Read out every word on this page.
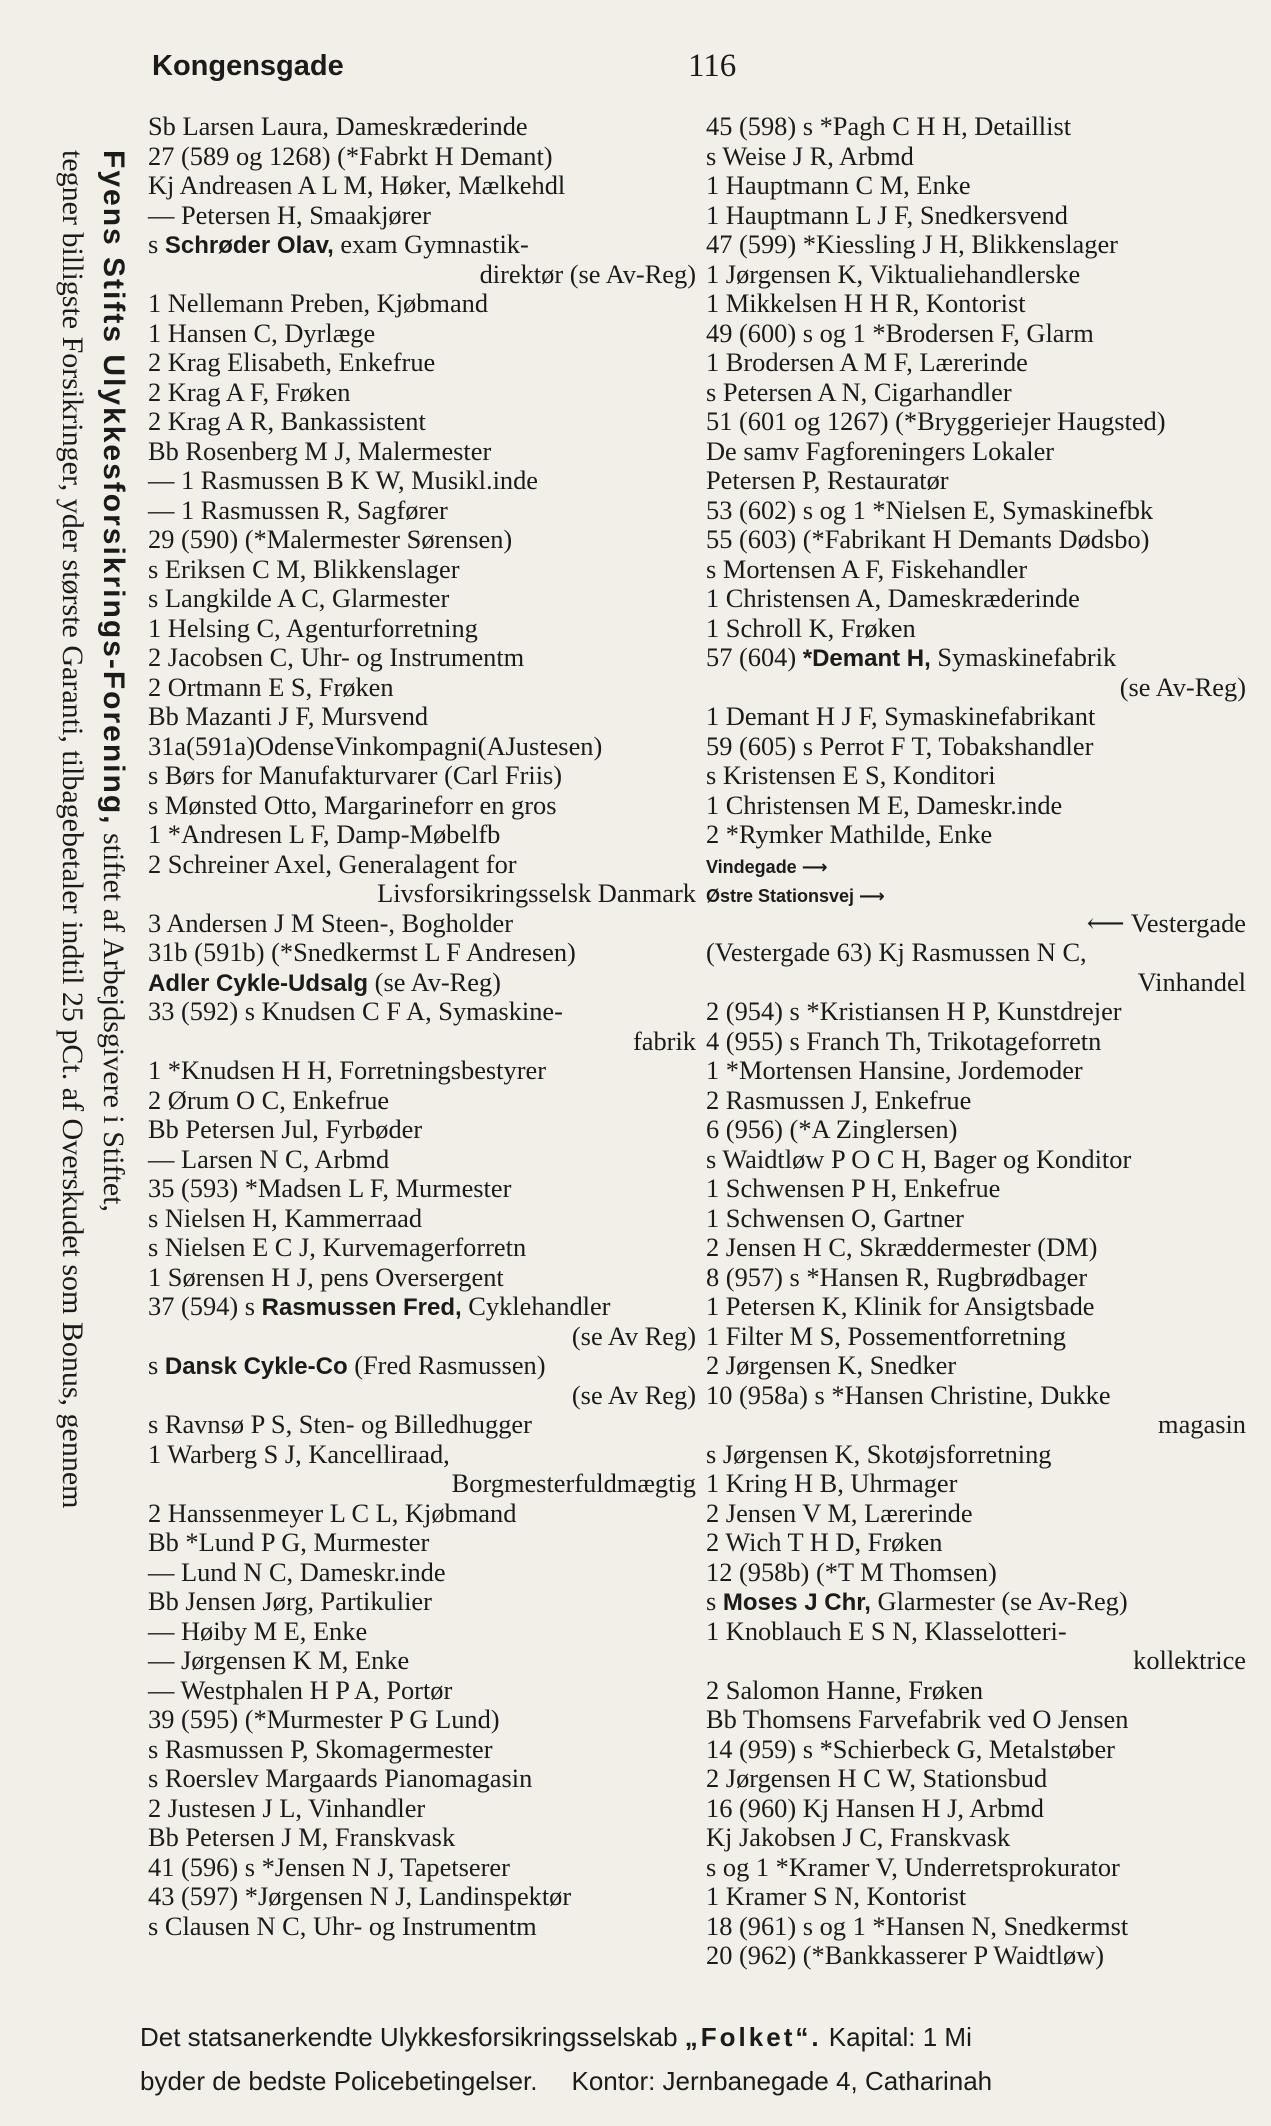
Kongensgade	116
Fyens Stifts Ulykkesforsikrings-Forening, stiftet af Arbejdsgivere i Stiftet,
tegner billigste Forsikringer, yder største Garanti, tilbagebetaler indtil 25 pCt. af Overskudet som Bonus, gennem
Sb Larsen Laura, Dameskræderinde
27 (589 og 1268) (*Fabrkt H Demant)
Kj Andreasen A L M, Høker, Mælkehdl
— Petersen H, Smaakjører
s Schrøder Olav, exam Gymnastik-
direktør (se Av-Reg)
1 Nellemann Preben, Kjøbmand
1 Hansen C, Dyrlæge
2 Krag Elisabeth, Enkefrue
2 Krag A F, Frøken
2 Krag A R, Bankassistent
Bb Rosenberg M J, Malermester
— 1 Rasmussen B K W, Musikl.inde
— 1 Rasmussen R, Sagfører
29 (590) (*Malermester Sørensen)
s Eriksen C M, Blikkenslager
s Langkilde A C, Glarmester
1 Helsing C, Agenturforretning
2 Jacobsen C, Uhr- og Instrumentm
2 Ortmann E S, Frøken
Bb Mazanti J F, Mursvend
31a(591a)OdenseVinkompagni(AJustesen)
s Børs for Manufakturvarer (Carl Friis)
s Mønsted Otto, Margarineforr en gros
1 *Andresen L F, Damp-Møbelfb
2 Schreiner Axel, Generalagent for
Livsforsikringsselsk Danmark
3 Andersen J M Steen-, Bogholder
31b (591b) (*Snedkermst L F Andresen)
Adler Cykle-Udsalg (se Av-Reg)
33 (592) s Knudsen C F A, Symaskine-
fabrik
1 *Knudsen H H, Forretningsbestyrer
2 Ørum O C, Enkefrue
Bb Petersen Jul, Fyrbøder
— Larsen N C, Arbmd
35 (593) *Madsen L F, Murmester
s Nielsen H, Kammerraad
s Nielsen E C J, Kurvemagerforretn
1 Sørensen H J, pens Oversergent
37 (594) s Rasmussen Fred, Cyklehandler
(se Av Reg)
s Dansk Cykle-Co (Fred Rasmussen)
(se Av Reg)
s Ravnsø P S, Sten- og Billedhugger
1 Warberg S J, Kancelliraad,
Borgmesterfuldmægtig
2 Hanssenmeyer L C L, Kjøbmand
Bb *Lund P G, Murmester
— Lund N C, Dameskr.inde
Bb Jensen Jørg, Partikulier
— Høiby M E, Enke
— Jørgensen K M, Enke
— Westphalen H P A, Portør
39 (595) (*Murmester P G Lund)
s Rasmussen P, Skomagermester
s Roerslev Margaards Pianomagasin
2 Justesen J L, Vinhandler
Bb Petersen J M, Franskvask
41 (596) s *Jensen N J, Tapetserer
43 (597) *Jørgensen N J, Landinspektør
s Clausen N C, Uhr- og Instrumentm
45 (598) s *Pagh C H H, Detaillist
s Weise J R, Arbmd
1 Hauptmann C M, Enke
1 Hauptmann L J F, Snedkersvend
47 (599) *Kiessling J H, Blikkenslager
1 Jørgensen K, Viktualiehandlerske
1 Mikkelsen H H R, Kontorist
49 (600) s og 1 *Brodersen F, Glarm
1 Brodersen A M F, Lærerinde
s Petersen A N, Cigarhandler
51 (601 og 1267) (*Bryggeriejer Haugsted)
De samv Fagforeningers Lokaler
Petersen P, Restauratør
53 (602) s og 1 *Nielsen E, Symaskinefbk
55 (603) (*Fabrikant H Demants Dødsbo)
s Mortensen A F, Fiskehandler
1 Christensen A, Dameskræderinde
1 Schroll K, Frøken
57 (604) *Demant H, Symaskinefabrik
(se Av-Reg)
1 Demant H J F, Symaskinefabrikant
59 (605) s Perrot F T, Tobakshandler
s Kristensen E S, Konditori
1 Christensen M E, Dameskr.inde
2 *Rymker Mathilde, Enke
Vindegade ⟶
Østre Stationsvej ⟶
⟵ Vestergade
(Vestergade 63) Kj Rasmussen N C,
Vinhandel
2 (954) s *Kristiansen H P, Kunstdrejer
4 (955) s Franch Th, Trikotageforretn
1 *Mortensen Hansine, Jordemoder
2 Rasmussen J, Enkefrue
6 (956) (*A Zinglersen)
s Waidtløw P O C H, Bager og Konditor
1 Schwensen P H, Enkefrue
1 Schwensen O, Gartner
2 Jensen H C, Skræddermester (DM)
8 (957) s *Hansen R, Rugbrødbager
1 Petersen K, Klinik for Ansigtsbade
1 Filter M S, Possementforretning
2 Jørgensen K, Snedker
10 (958a) s *Hansen Christine, Dukke
magasin
s Jørgensen K, Skotøjsforretning
1 Kring H B, Uhrmager
2 Jensen V M, Lærerinde
2 Wich T H D, Frøken
12 (958b) (*T M Thomsen)
s Moses J Chr, Glarmester (se Av-Reg)
1 Knoblauch E S N, Klasselotteri-
kollektrice
2 Salomon Hanne, Frøken
Bb Thomsens Farvefabrik ved O Jensen
14 (959) s *Schierbeck G, Metalstøber
2 Jørgensen H C W, Stationsbud
16 (960) Kj Hansen H J, Arbmd
Kj Jakobsen J C, Franskvask
s og 1 *Kramer V, Underretsprokurator
1 Kramer S N, Kontorist
18 (961) s og 1 *Hansen N, Snedkermst
20 (962) (*Bankkasserer P Waidtløw)
Det statsanerkendte Ulykkesforsikringsselskab „Folket“. Kapital: 1 Mi
byder de bedste Policebetingelser. Kontor: Jernbanegade 4, Catharinah
